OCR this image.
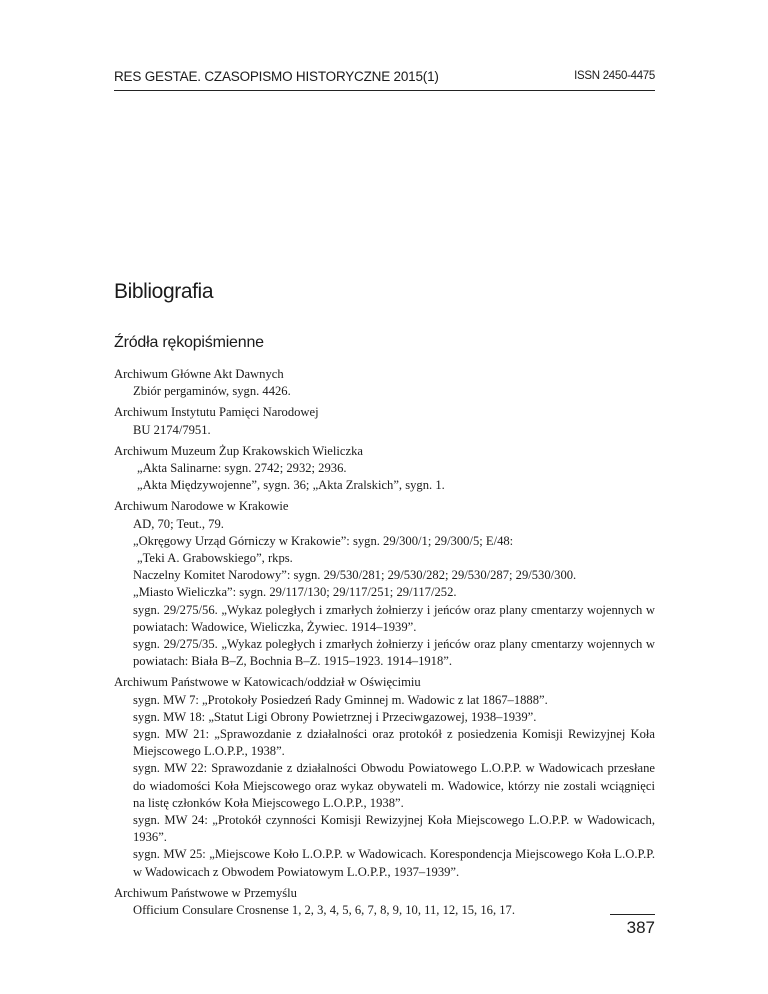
RES GESTAE. CZASOPISMO HISTORYCZNE 2015(1)	ISSN 2450-4475
Bibliografia
Źródła rękopiśmienne
Archiwum Główne Akt Dawnych
Zbiór pergaminów, sygn. 4426.
Archiwum Instytutu Pamięci Narodowej
BU 2174/7951.
Archiwum Muzeum Żup Krakowskich Wieliczka
„Akta Salinarne: sygn. 2742; 2932; 2936.
„Akta Międzywojenne”, sygn. 36; „Akta Zralskich”, sygn. 1.
Archiwum Narodowe w Krakowie
AD, 70; Teut., 79.
„Okręgowy Urząd Górniczy w Krakowie”: sygn. 29/300/1; 29/300/5; E/48:
„Teki A. Grabowskiego”, rkps.
Naczelny Komitet Narodowy”: sygn. 29/530/281; 29/530/282; 29/530/287; 29/530/300.
„Miasto Wieliczka”: sygn. 29/117/130; 29/117/251; 29/117/252.
sygn. 29/275/56. „Wykaz poległych i zmarłych żołnierzy i jeńców oraz plany cmentarzy wojennych w powiatach: Wadowice, Wieliczka, Żywiec. 1914–1939”.
sygn. 29/275/35. „Wykaz poległych i zmarłych żołnierzy i jeńców oraz plany cmentarzy wojennych w powiatach: Biała B–Z, Bochnia B–Z. 1915–1923. 1914–1918”.
Archiwum Państwowe w Katowicach/oddział w Oświęcimiu
sygn. MW 7: „Protokoły Posiedzeń Rady Gminnej m. Wadowic z lat 1867–1888”.
sygn. MW 18: „Statut Ligi Obrony Powietrznej i Przeciwgazowej, 1938–1939”.
sygn. MW 21: „Sprawozdanie z działalności oraz protokół z posiedzenia Komisji Rewizyjnej Koła Miejscowego L.O.P.P., 1938”.
sygn. MW 22: Sprawozdanie z działalności Obwodu Powiatowego L.O.P.P. w Wadowicach przesłane do wiadomości Koła Miejscowego oraz wykaz obywateli m. Wadowice, którzy nie zostali wciągnięci na listę członków Koła Miejscowego L.O.P.P., 1938”.
sygn. MW 24: „Protokół czynności Komisji Rewizyjnej Koła Miejscowego L.O.P.P. w Wadowicach, 1936”.
sygn. MW 25: „Miejscowe Koło L.O.P.P. w Wadowicach. Korespondencja Miejscowego Koła L.O.P.P. w Wadowicach z Obwodem Powiatowym L.O.P.P., 1937–1939”.
Archiwum Państwowe w Przemyślu
Officium Consulare Crosnense 1, 2, 3, 4, 5, 6, 7, 8, 9, 10, 11, 12, 15, 16, 17.
387
